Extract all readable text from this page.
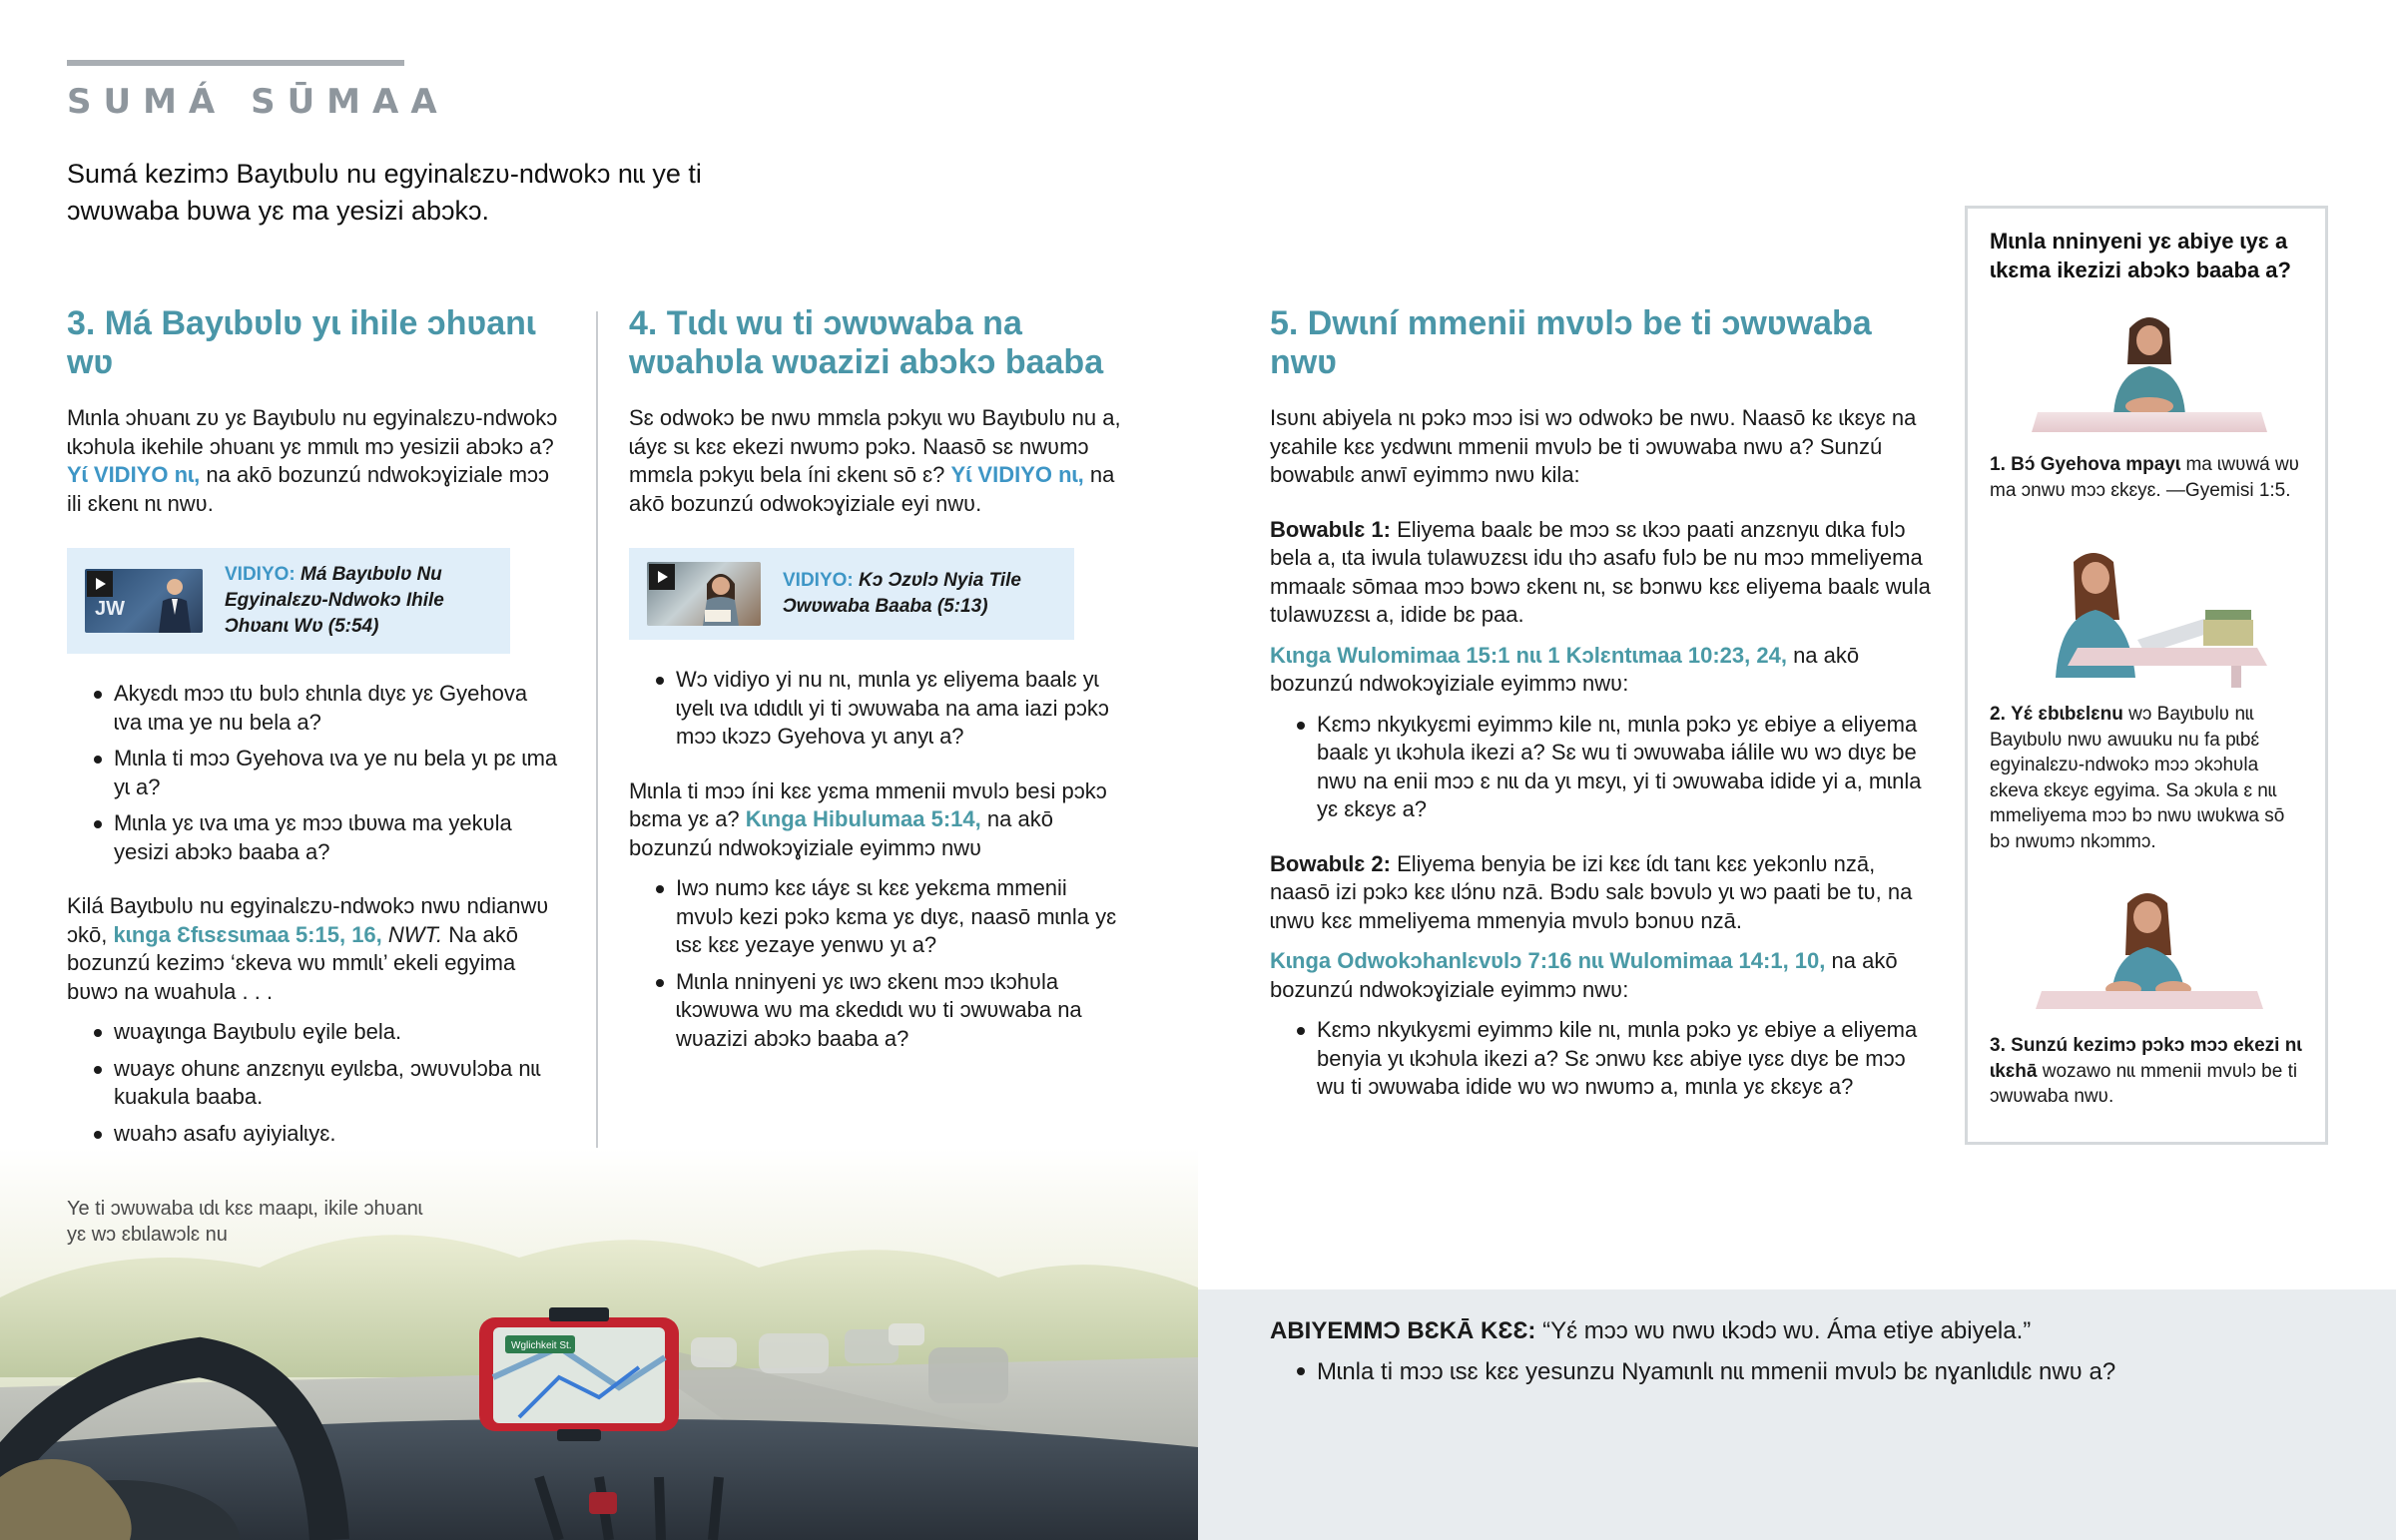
SUMÁ SŪMAA

Sumá kezimɔ Bayɩbʋlʋ nu egyinalɛzʋ-ndwokɔ nɩɩ ye ti ɔwʋwaba bʋwa yɛ ma yesizi abɔkɔ.

3. Má Bayɩbʋlʋ yɩ ihile ɔhʋanɩ wʋ

Mɩnla ɔhʋanɩ zʋ yɛ Bayɩbʋlʋ nu egyinalɛzʋ-ndwokɔ ɩkɔhʋla ikehile ɔhʋanɩ yɛ mmɩlɩ mɔ yesizii abɔkɔ a? Yɩ́ VIDIYO nɩ, na akō bozunzú ndwokɔɣiziale mɔɔ ili ɛkenɩ nɩ nwʋ.

JW
VIDIYO: Má Bayɩbʋlʋ Nu Egyinalɛzʋ-Ndwokɔ Ihile Ɔhʋanɩ Wʋ (5:54)
Akyɛdɩ mɔɔ ɩtʋ bʋlɔ ɛhɩnla dɩyɛ yɛ Gyehova ɩva ɩma ye nu bela a?
Mɩnla ti mɔɔ Gyehova ɩva ye nu bela yɩ pɛ ɩma yɩ a?
Mɩnla yɛ ɩva ɩma yɛ mɔɔ ɩbʋwa ma yekʋla yesizi abɔkɔ baaba a?

Kilá Bayɩbʋlʋ nu egyinalɛzʋ-ndwokɔ nwʋ ndianwʋ ɔkō, kɩnga Ɛfɩsɛsɩmaa 5:15, 16, NWT. Na akō bozunzú kezimɔ ‘ɛkeva wʋ mmɩlɩ’ ekeli egyima bʋwɔ na wʋahʋla . . .

wʋaɣɩnga Bayɩbʋlʋ eɣile bela.
wʋayɛ ohunɛ anzɛnyɩɩ eyɩlɛba, ɔwʋvʋlɔba nɩɩ kuakula baaba.
wʋahɔ asafʋ ayiyialɩyɛ.
4. Tɩdɩ wu ti ɔwʋwaba na wʋahʋla wʋazizi abɔkɔ baaba

Sɛ odwokɔ be nwʋ mmɛla pɔkyɩɩ wʋ Bayɩbʋlʋ nu a, ɩáyɛ sɩ kɛɛ ekezi nwʋmɔ pɔkɔ. Naasō sɛ nwʋmɔ mmɛla pɔkyɩɩ bela íni ɛkenɩ sō ɛ? Yɩ́ VIDIYO nɩ, na akō bozunzú odwokɔɣiziale eyi nwʋ.

VIDIYO: Kɔ Ɔzʋlɔ Nyia Tile Ɔwʋwaba Baaba (5:13)
Wɔ vidiyo yi nu nɩ, mɩnla yɛ eliyema baalɛ yɩ ɩyelɩ ɩva ɩdɩdɩlɩ yi ti ɔwʋwaba na ama iazi pɔkɔ mɔɔ ɩkɔzɔ Gyehova yɩ anyɩ a?

Mɩnla ti mɔɔ íni kɛɛ yɛma mmenii mvʋlɔ besi pɔkɔ bɛma yɛ a? Kɩnga Hibulumaa 5:14, na akō bozunzú ndwokɔɣiziale eyimmɔ nwʋ

Iwɔ numɔ kɛɛ ɩáyɛ sɩ kɛɛ yekɛma mmenii mvʋlɔ kezi pɔkɔ kɛma yɛ dɩyɛ, naasō mɩnla yɛ ɩsɛ kɛɛ yezaye yenwʋ yɩ a?
Mɩnla nninyeni yɛ ɩwɔ ɛkenɩ mɔɔ ɩkɔhʋla ɩkɔwʋwa wʋ ma ɛkedɩdɩ wʋ ti ɔwʋwaba na wʋazizi abɔkɔ baaba a?
5. Dwɩní mmenii mvʋlɔ be ti ɔwʋwaba nwʋ

Isʋnɩ abiyela nɩ pɔkɔ mɔɔ isi wɔ odwokɔ be nwʋ. Naasō kɛ ɩkɛyɛ na yɛahile kɛɛ yɛdwɩnɩ mmenii mvʋlɔ be ti ɔwʋwaba nwʋ a? Sunzú bowabɩlɛ anwī eyimmɔ nwʋ kila:

Bowabɩlɛ 1: Eliyema baalɛ be mɔɔ sɛ ɩkɔɔ paati anzɛnyɩɩ dɩka fʋlɔ bela a, ɩta iwula tʋlawʋzɛsɩ idu ɩhɔ asafʋ fʋlɔ be nu mɔɔ mmeliyema mmaalɛ sōmaa mɔɔ bɔwɔ ɛkenɩ nɩ, sɛ bɔnwʋ kɛɛ eliyema baalɛ wula tʋlawʋzɛsɩ a, idide bɛ paa.

Kɩnga Wulomimaa 15:1 nɩɩ 1 Kɔlɛntɩmaa 10:23, 24, na akō bozunzú ndwokɔɣiziale eyimmɔ nwʋ:

Kɛmɔ nkyɩkyɛmi eyimmɔ kile nɩ, mɩnla pɔkɔ yɛ ebiye a eliyema baalɛ yɩ ɩkɔhʋla ikezi a? Sɛ wu ti ɔwʋwaba iálile wʋ wɔ dɩyɛ be nwʋ na enii mɔɔ ɛ nɩɩ da yɩ mɛyɩ, yi ti ɔwʋwaba idide yi a, mɩnla yɛ ɛkɛyɛ a?

Bowabɩlɛ 2: Eliyema benyia be izi kɛɛ ɩ́dɩ tanɩ kɛɛ yekɔnlʋ nzā, naasō izi pɔkɔ kɛɛ ɩlɔ́nʋ nzā. Bɔdʋ salɛ bɔvʋlɔ yɩ wɔ paati be tʋ, na ɩnwʋ kɛɛ mmeliyema mmenyia mvʋlɔ bɔnʋʋ nzā.

Kɩnga Odwokɔhanlɛvʋlɔ 7:16 nɩɩ Wulomimaa 14:1, 10, na akō bozunzú ndwokɔɣiziale eyimmɔ nwʋ:

Kɛmɔ nkyɩkyɛmi eyimmɔ kile nɩ, mɩnla pɔkɔ yɛ ebiye a eliyema benyia yɩ ɩkɔhʋla ikezi a? Sɛ ɔnwʋ kɛɛ abiye ɩyɛɛ dɩyɛ be mɔɔ wu ti ɔwʋwaba idide wʋ wɔ nwʋmɔ a, mɩnla yɛ ɛkɛyɛ a?
Mɩnla nninyeni yɛ abiye ɩyɛ a ɩkɛma ikezizi abɔkɔ baaba a?

1. Bɔ́ Gyehova mpayɩ ma ɩwʋwá wʋ ma ɔnwʋ mɔɔ ɛkɛyɛ. —Gyemisi 1:5.

2. Yɛ́ ɛbɩbɛlɛnu wɔ Bayɩbʋlʋ nɩɩ Bayɩbʋlʋ nwʋ awuuku nu fa pɩbɛ́ egyinalɛzʋ-ndwokɔ mɔɔ ɔkɔhʋla ɛkeva ɛkɛyɛ egyima. Sa ɔkʋla ɛ nɩɩ mmeliyema mɔɔ bɔ nwʋ ɩwʋkwa sō bɔ nwʋmɔ nkɔmmɔ.

3. Sunzú kezimɔ pɔkɔ mɔɔ ekezi nɩ ɩkɛhā wozawo nɩɩ mmenii mvʋlɔ be ti ɔwʋwaba nwʋ.

Wglichkeit St.

Ye ti ɔwʋwaba ɩdɩ kɛɛ maapɩ, ikile ɔhʋanɩ yɛ wɔ ɛbɩlawɔlɛ nu

ABIYEMMƆ BƐKĀ KƐƐ: “Yɛ́ mɔɔ wʋ nwʋ ɩkɔdɔ wʋ. Áma etiye abiyela.”

Mɩnla ti mɔɔ ɩsɛ kɛɛ yesunzu Nyamɩnlɩ nɩɩ mmenii mvʋlɔ bɛ nɣanlɩdɩlɛ nwʋ a?
